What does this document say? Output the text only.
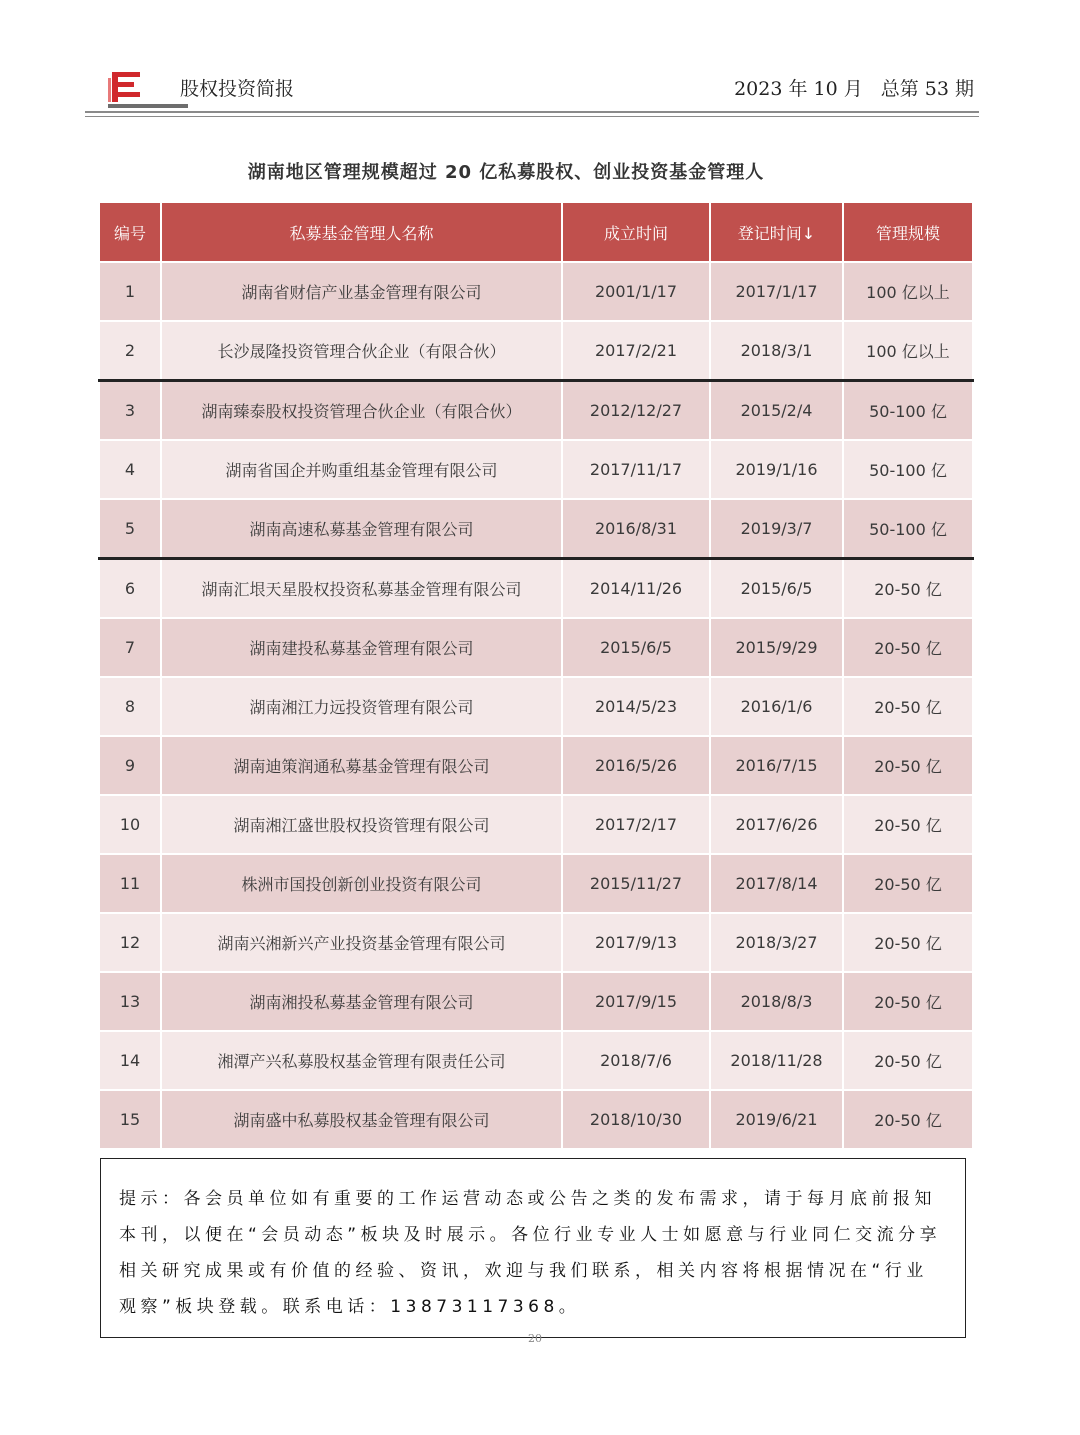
股权投资简报	2023 年 10 月 总第 53 期
湖南地区管理规模超过 20 亿私募股权、创业投资基金管理人
编号	私募基金管理人名称	成立时间	登记时间↓	管理规模
1	湖南省财信产业基金管理有限公司	2001/1/17	2017/1/17	100 亿以上
2	长沙晟隆投资管理合伙企业（有限合伙）	2017/2/21	2018/3/1	100 亿以上
3	湖南臻泰股权投资管理合伙企业（有限合伙）	2012/12/27	2015/2/4	50-100 亿
4	湖南省国企并购重组基金管理有限公司	2017/11/17	2019/1/16	50-100 亿
5	湖南高速私募基金管理有限公司	2016/8/31	2019/3/7	50-100 亿
6	湖南汇垠天星股权投资私募基金管理有限公司	2014/11/26	2015/6/5	20-50 亿
7	湖南建投私募基金管理有限公司	2015/6/5	2015/9/29	20-50 亿
8	湖南湘江力远投资管理有限公司	2014/5/23	2016/1/6	20-50 亿
9	湖南迪策润通私募基金管理有限公司	2016/5/26	2016/7/15	20-50 亿
10	湖南湘江盛世股权投资管理有限公司	2017/2/17	2017/6/26	20-50 亿
11	株洲市国投创新创业投资有限公司	2015/11/27	2017/8/14	20-50 亿
12	湖南兴湘新兴产业投资基金管理有限公司	2017/9/13	2018/3/27	20-50 亿
13	湖南湘投私募基金管理有限公司	2017/9/15	2018/8/3	20-50 亿
14	湘潭产兴私募股权基金管理有限责任公司	2018/7/6	2018/11/28	20-50 亿
15	湖南盛中私募股权基金管理有限公司	2018/10/30	2019/6/21	20-50 亿
提示：各会员单位如有重要的工作运营动态或公告之类的发布需求，请于每月底前报知本刊，以便在“会员动态”板块及时展示。各位行业专业人士如愿意与行业同仁交流分享相关研究成果或有价值的经验、资讯，欢迎与我们联系，相关内容将根据情况在“行业观察”板块登载。联系电话：13873117368。
20
